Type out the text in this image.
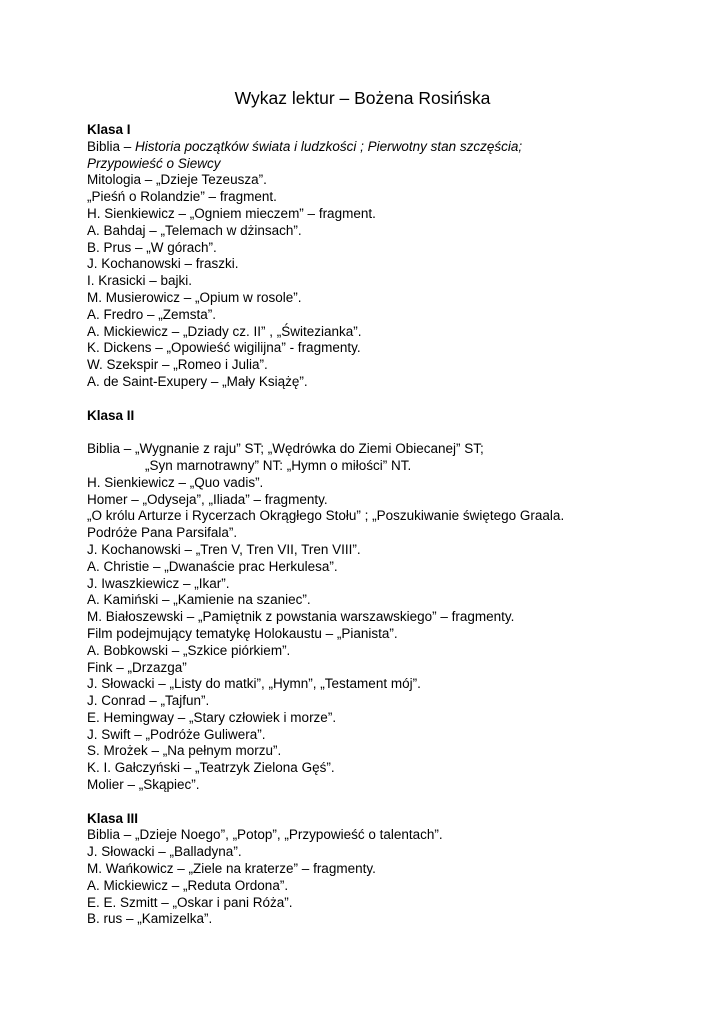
Wykaz lektur – Bożena Rosińska
Klasa I
Biblia – Historia początków świata i ludzkości ; Pierwotny stan szczęścia;
Przypowieść o Siewcy
Mitologia – „Dzieje Tezeusza”.
„Pieśń o Rolandzie” – fragment.
H. Sienkiewicz – „Ogniem mieczem” – fragment.
A. Bahdaj – „Telemach w dżinsach”.
B. Prus – „W górach”.
J. Kochanowski – fraszki.
I. Krasicki – bajki.
M. Musierowicz – „Opium w rosole”.
A. Fredro – „Zemsta”.
A. Mickiewicz – „Dziady cz. II” , „Świtezianka”.
K. Dickens – „Opowieść wigilijna” - fragmenty.
W. Szekspir – „Romeo i Julia”.
A. de Saint-Exupery – „Mały Książę”.
Klasa II
Biblia – „Wygnanie z raju” ST; „Wędrówka do Ziemi Obiecanej” ST;
„Syn marnotrawny” NT: „Hymn o miłości” NT.
H. Sienkiewicz – „Quo vadis”.
Homer – „Odyseja”, „Iliada” – fragmenty.
„O królu Arturze i Rycerzach Okrągłego Stołu” ; „Poszukiwanie świętego Graala.
Podróże Pana Parsifala”.
J. Kochanowski – „Tren V, Tren VII, Tren VIII”.
A. Christie – „Dwanaście prac Herkulesa”.
J. Iwaszkiewicz – „Ikar”.
A. Kamiński – „Kamienie na szaniec”.
M. Białoszewski – „Pamiętnik z powstania warszawskiego” – fragmenty.
Film podejmujący tematykę Holokaustu – „Pianista”.
A. Bobkowski – „Szkice piórkiem”.
Fink – „Drzazga”
J. Słowacki – „Listy do matki”, „Hymn”, „Testament mój”.
J. Conrad – „Tajfun”.
E. Hemingway – „Stary człowiek i morze”.
J. Swift – „Podróże Guliwera”.
S. Mrożek – „Na pełnym morzu”.
K. I. Gałczyński – „Teatrzyk Zielona Gęś”.
Molier – „Skąpiec”.
Klasa III
Biblia – „Dzieje Noego”, „Potop”, „Przypowieść o talentach”.
J. Słowacki – „Balladyna”.
M. Wańkowicz – „Ziele na kraterze” – fragmenty.
A. Mickiewicz – „Reduta Ordona”.
E. E. Szmitt – „Oskar i pani Róża”.
B. rus – „Kamizelka”.
